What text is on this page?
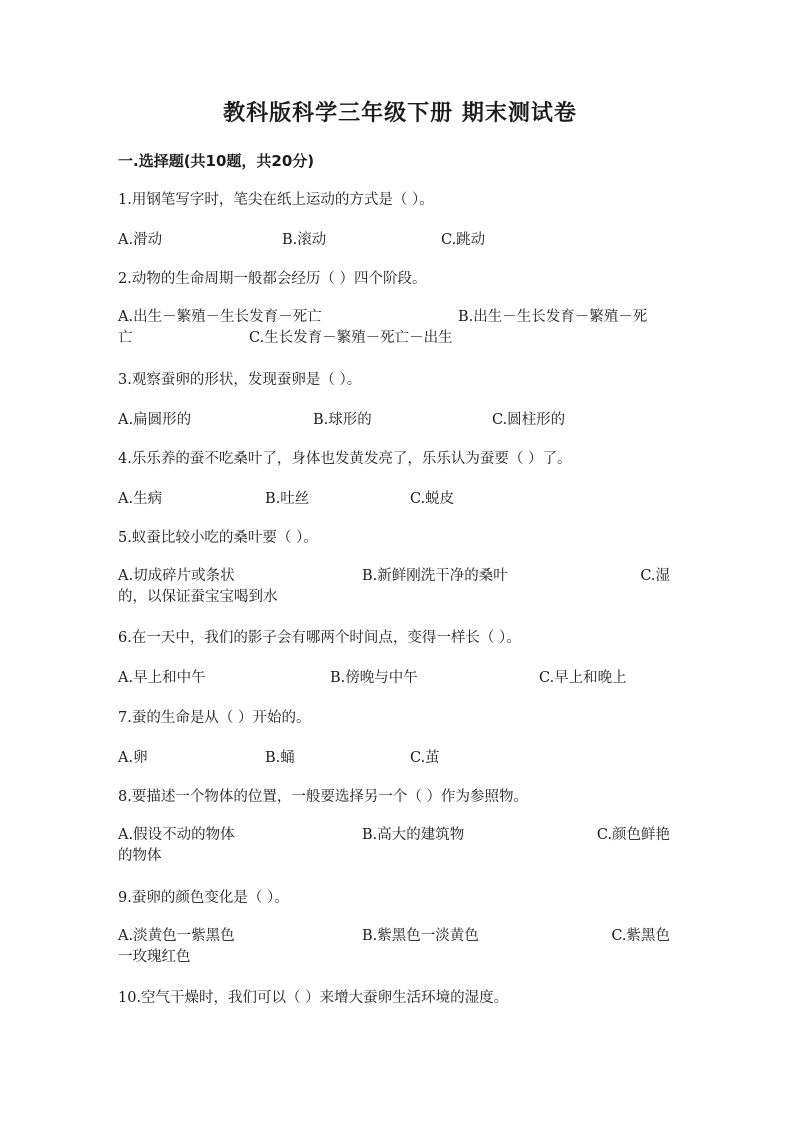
教科版科学三年级下册 期末测试卷
一.选择题(共10题，共20分)
1.用钢笔写字时，笔尖在纸上运动的方式是（ ）。
A.滑动	B.滚动	C.跳动
2.动物的生命周期一般都会经历（ ）四个阶段。
A.出生－繁殖－生长发育－死亡	B.出生－生长发育－繁殖－死
亡	C.生长发育－繁殖－死亡－出生
3.观察蚕卵的形状，发现蚕卵是（ ）。
A.扁圆形的	B.球形的	C.圆柱形的
4.乐乐养的蚕不吃桑叶了，身体也发黄发亮了，乐乐认为蚕要（ ）了。
A.生病	B.吐丝	C.蜕皮
5.蚁蚕比较小吃的桑叶要（ ）。
A.切成碎片或条状	B.新鲜刚洗干净的桑叶	C.湿
的，以保证蚕宝宝喝到水
6.在一天中，我们的影子会有哪两个时间点，变得一样长（ ）。
A.早上和中午	B.傍晚与中午	C.早上和晚上
7.蚕的生命是从（ ）开始的。
A.卵	B.蛹	C.茧
8.要描述一个物体的位置，一般要选择另一个（ ）作为参照物。
A.假设不动的物体	B.高大的建筑物	C.颜色鲜艳
的物体
9.蚕卵的颜色变化是（ ）。
A.淡黄色一紫黑色	B.紫黑色一淡黄色	C.紫黑色
一玫瑰红色
10.空气干燥时，我们可以（ ）来增大蚕卵生活环境的湿度。
